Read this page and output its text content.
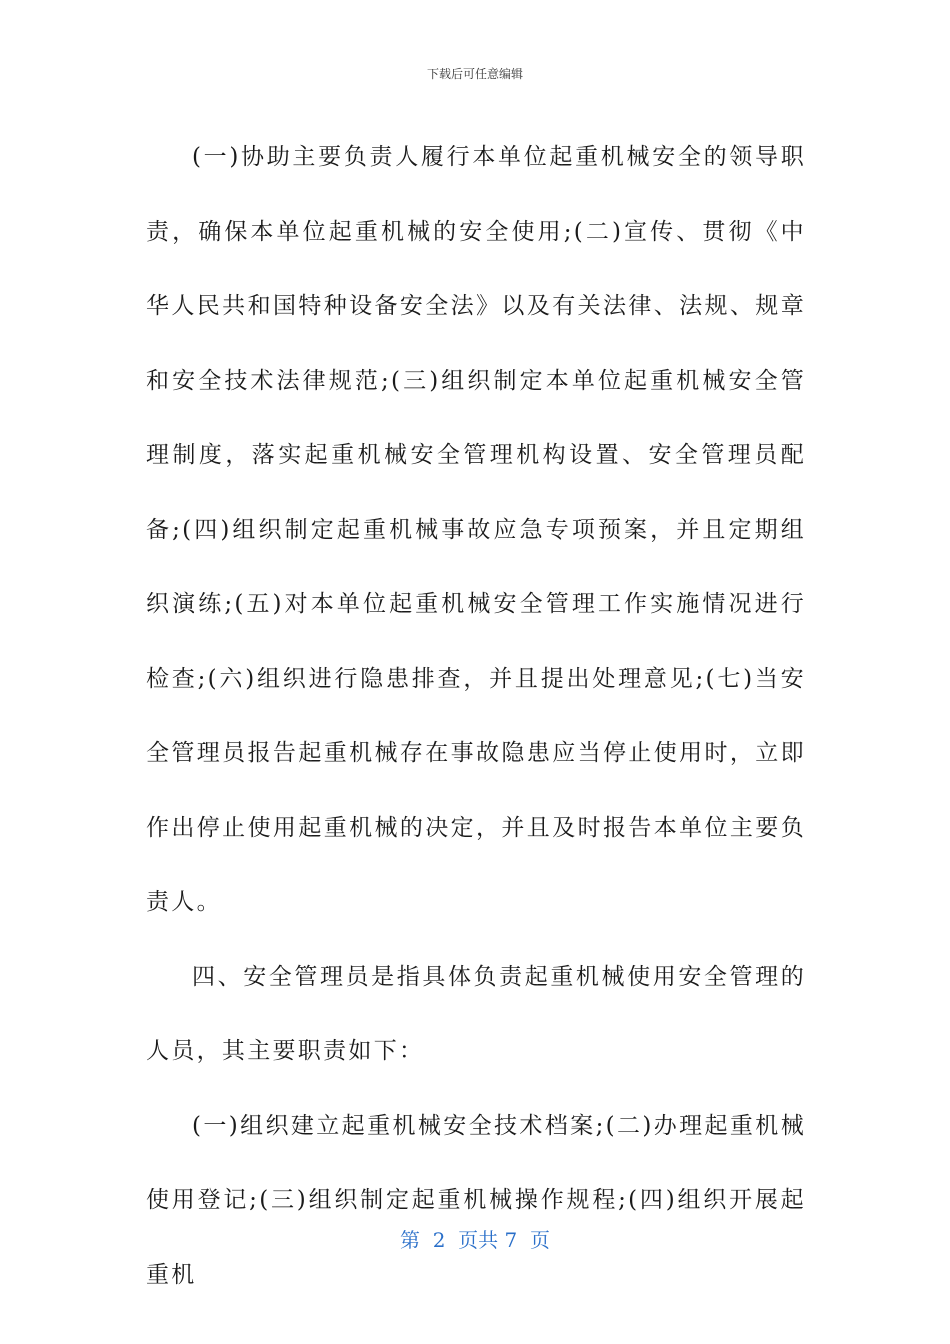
下载后可任意编辑

(一)协助主要负责人履行本单位起重机械安全的领导职责，确保本单位起重机械的安全使用;(二)宣传、贯彻《中华人民共和国特种设备安全法》以及有关法律、法规、规章和安全技术法律规范;(三)组织制定本单位起重机械安全管理制度，落实起重机械安全管理机构设置、安全管理员配备;(四)组织制定起重机械事故应急专项预案，并且定期组织演练;(五)对本单位起重机械安全管理工作实施情况进行检查;(六)组织进行隐患排查，并且提出处理意见;(七)当安全管理员报告起重机械存在事故隐患应当停止使用时，立即作出停止使用起重机械的决定，并且及时报告本单位主要负责人。

四、安全管理员是指具体负责起重机械使用安全管理的人员，其主要职责如下：

(一)组织建立起重机械安全技术档案;(二)办理起重机械使用登记;(三)组织制定起重机械操作规程;(四)组织开展起重机

第  2  页共 7  页
